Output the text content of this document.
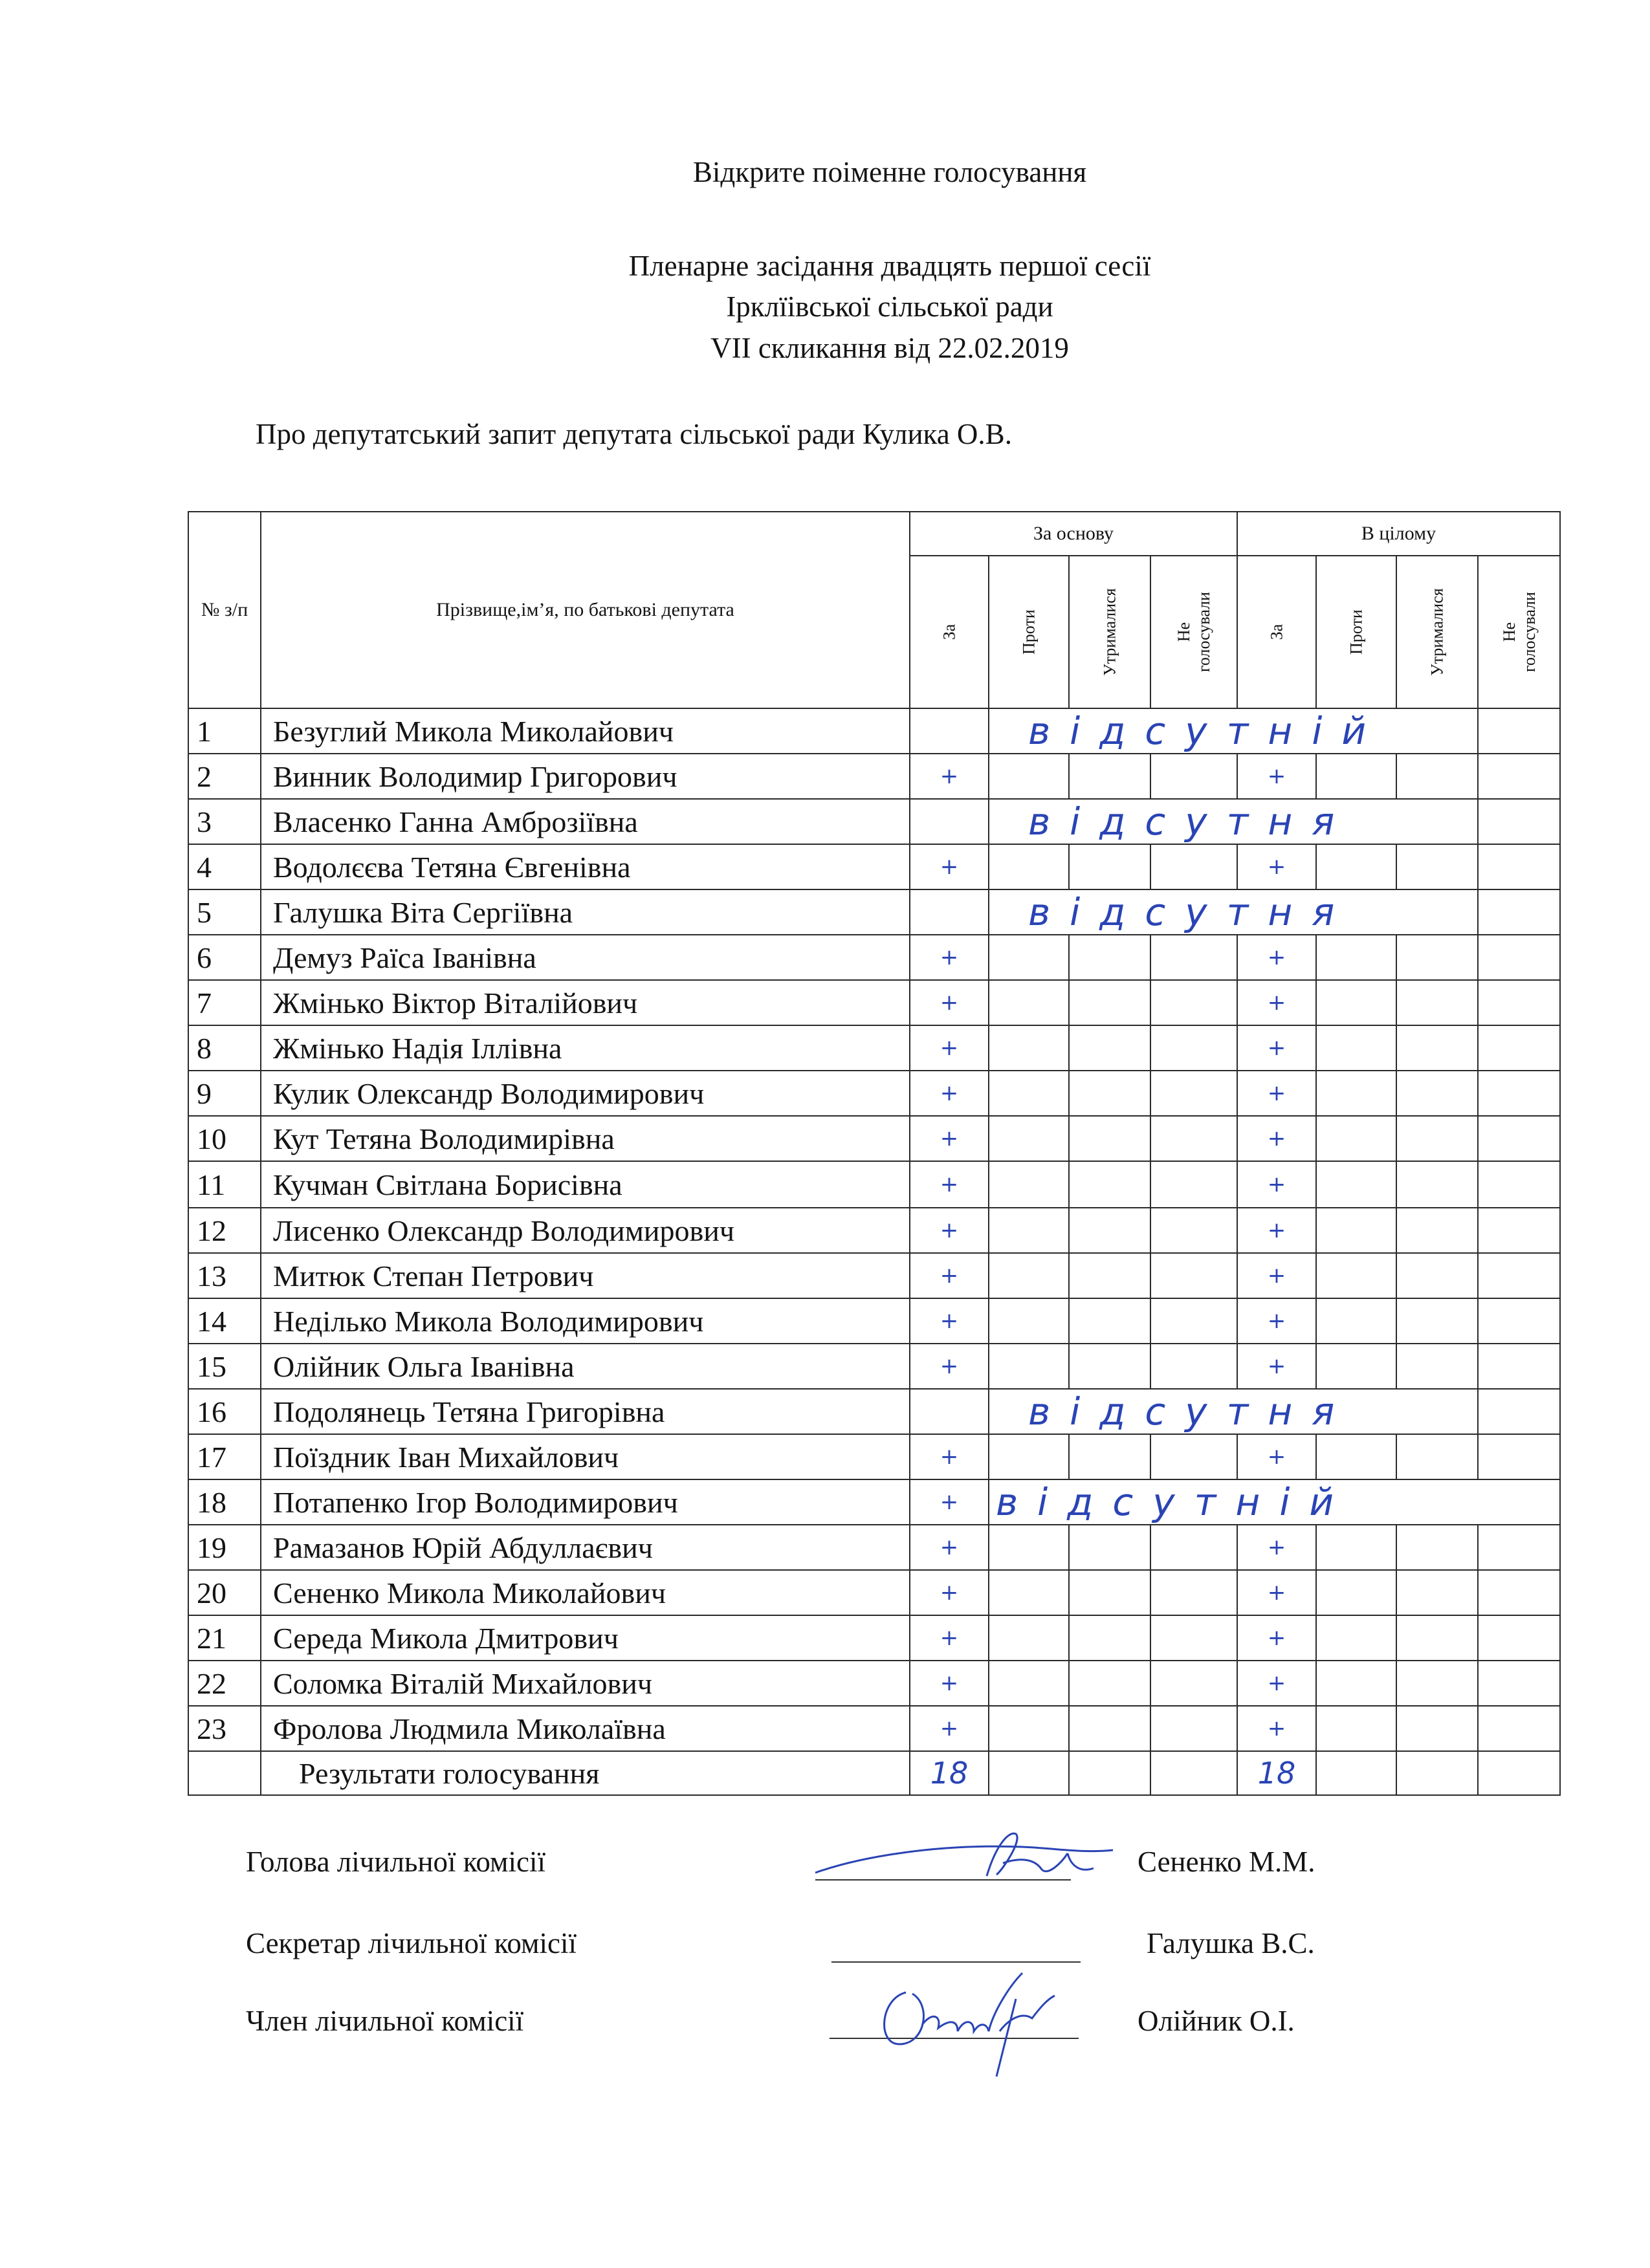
Відкрите поіменне голосування
Пленарне засідання двадцять першої сесії
Ірклїівської сільської ради
VII скликання від 22.02.2019
Про депутатський запит депутата сільської ради Кулика О.В.
№ з/п	Прізвище,ім’я, по батькові депутата	За основу				В цілому			

		За	Проти	Утрималися	Не голосували	За	Проти	Утрималися	Не голосували

1	Безуглий Микола Миколайович		відсутній						
2	Винник Володимир Григорович	+				+			
3	Власенко Ганна Амброзіївна		відсутня						
4	Водолєєва Тетяна Євгенівна	+				+			
5	Галушка Віта Сергіївна		відсутня						
6	Демуз Раїса Іванівна	+				+			
7	Жмінько Віктор Віталійович	+				+			
8	Жмінько Надія Іллівна	+				+			
9	Кулик Олександр Володимирович	+				+			
10	Кут Тетяна Володимирівна	+				+			
11	Кучман Світлана Борисівна	+				+			
12	Лисенко Олександр Володимирович	+				+			
13	Митюк Степан Петрович	+				+			
14	Неділько Микола Володимирович	+				+			
15	Олійник Ольга Іванівна	+				+			
16	Подолянець Тетяна Григорівна		відсутня						
17	Поїздник Іван Михайлович	+				+			
18	Потапенко Ігор Володимирович	+	відсутній						
19	Рамазанов Юрій Абдуллаєвич	+				+			
20	Сененко Микола Миколайович	+				+			
21	Середа Микола Дмитрович	+				+			
22	Соломка Віталій Михайлович	+				+			
23	Фролова Людмила Миколаївна	+				+			
	Результати голосування	18				18			
Голова лічильної комісії	Сененко М.М.
Секретар лічильної комісії	Галушка В.С.
Член лічильної комісії	Олійник О.І.
